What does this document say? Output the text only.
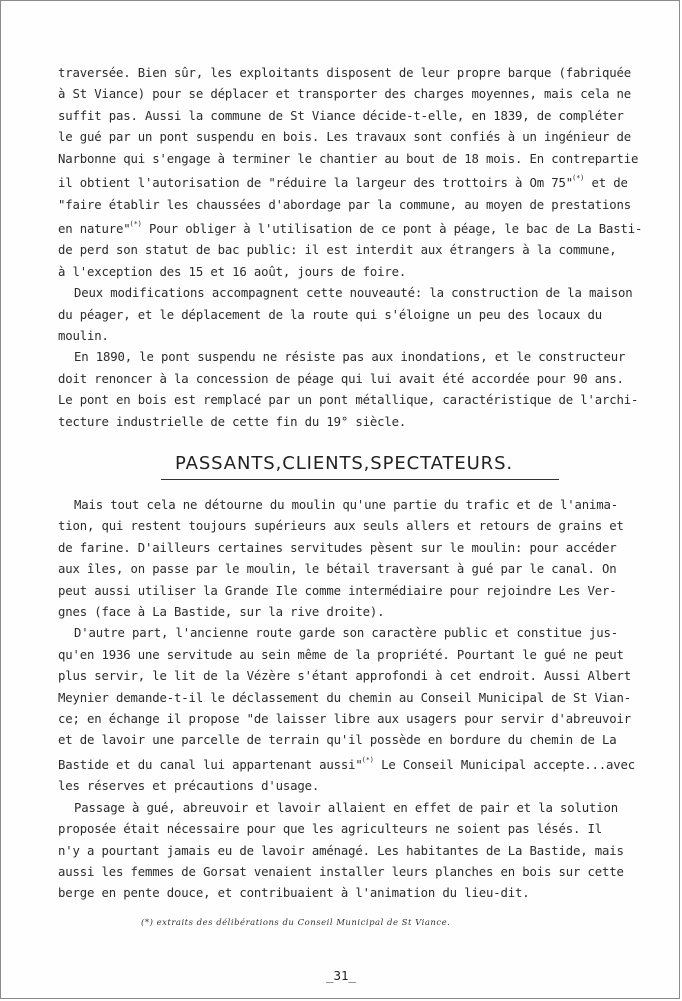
traversée. Bien sûr, les exploitants disposent de leur propre barque (fabriquée
à St Viance) pour se déplacer et transporter des charges moyennes, mais cela ne
suffit pas. Aussi la commune de St Viance décide-t-elle, en 1839, de compléter
le gué par un pont suspendu en bois. Les travaux sont confiés à un ingénieur de
Narbonne qui s'engage à terminer le chantier au bout de 18 mois. En contrepartie
il obtient l'autorisation de "réduire la largeur des trottoirs à Om 75"(*) et de
"faire établir les chaussées d'abordage par la commune, au moyen de prestations
en nature"(*) Pour obliger à l'utilisation de ce pont à péage, le bac de La Basti-
de perd son statut de bac public: il est interdit aux étrangers à la commune,
à l'exception des 15 et 16 août, jours de foire.

Deux modifications accompagnent cette nouveauté: la construction de la maison
du péager, et le déplacement de la route qui s'éloigne un peu des locaux du
moulin.

En 1890, le pont suspendu ne résiste pas aux inondations, et le constructeur
doit renoncer à la concession de péage qui lui avait été accordée pour 90 ans.
Le pont en bois est remplacé par un pont métallique, caractéristique de l'archi-
tecture industrielle de cette fin du 19° siècle.

PASSANTS,CLIENTS,SPECTATEURS.

Mais tout cela ne détourne du moulin qu'une partie du trafic et de l'anima-
tion, qui restent toujours supérieurs aux seuls allers et retours de grains et
de farine. D'ailleurs certaines servitudes pèsent sur le moulin: pour accéder
aux îles, on passe par le moulin, le bétail traversant à gué par le canal. On
peut aussi utiliser la Grande Ile comme intermédiaire pour rejoindre Les Ver-
gnes (face à La Bastide, sur la rive droite).

D'autre part, l'ancienne route garde son caractère public et constitue jus-
qu'en 1936 une servitude au sein même de la propriété. Pourtant le gué ne peut
plus servir, le lit de la Vézère s'étant approfondi à cet endroit. Aussi Albert
Meynier demande-t-il le déclassement du chemin au Conseil Municipal de St Vian-
ce; en échange il propose "de laisser libre aux usagers pour servir d'abreuvoir
et de lavoir une parcelle de terrain qu'il possède en bordure du chemin de La
Bastide et du canal lui appartenant aussi"(*) Le Conseil Municipal accepte...avec
les réserves et précautions d'usage.

Passage à gué, abreuvoir et lavoir allaient en effet de pair et la solution
proposée était nécessaire pour que les agriculteurs ne soient pas lésés. Il
n'y a pourtant jamais eu de lavoir aménagé. Les habitantes de La Bastide, mais
aussi les femmes de Gorsat venaient installer leurs planches en bois sur cette
berge en pente douce, et contribuaient à l'animation du lieu-dit.

(*) extraits des délibérations du Conseil Municipal de St Viance.
_31_
